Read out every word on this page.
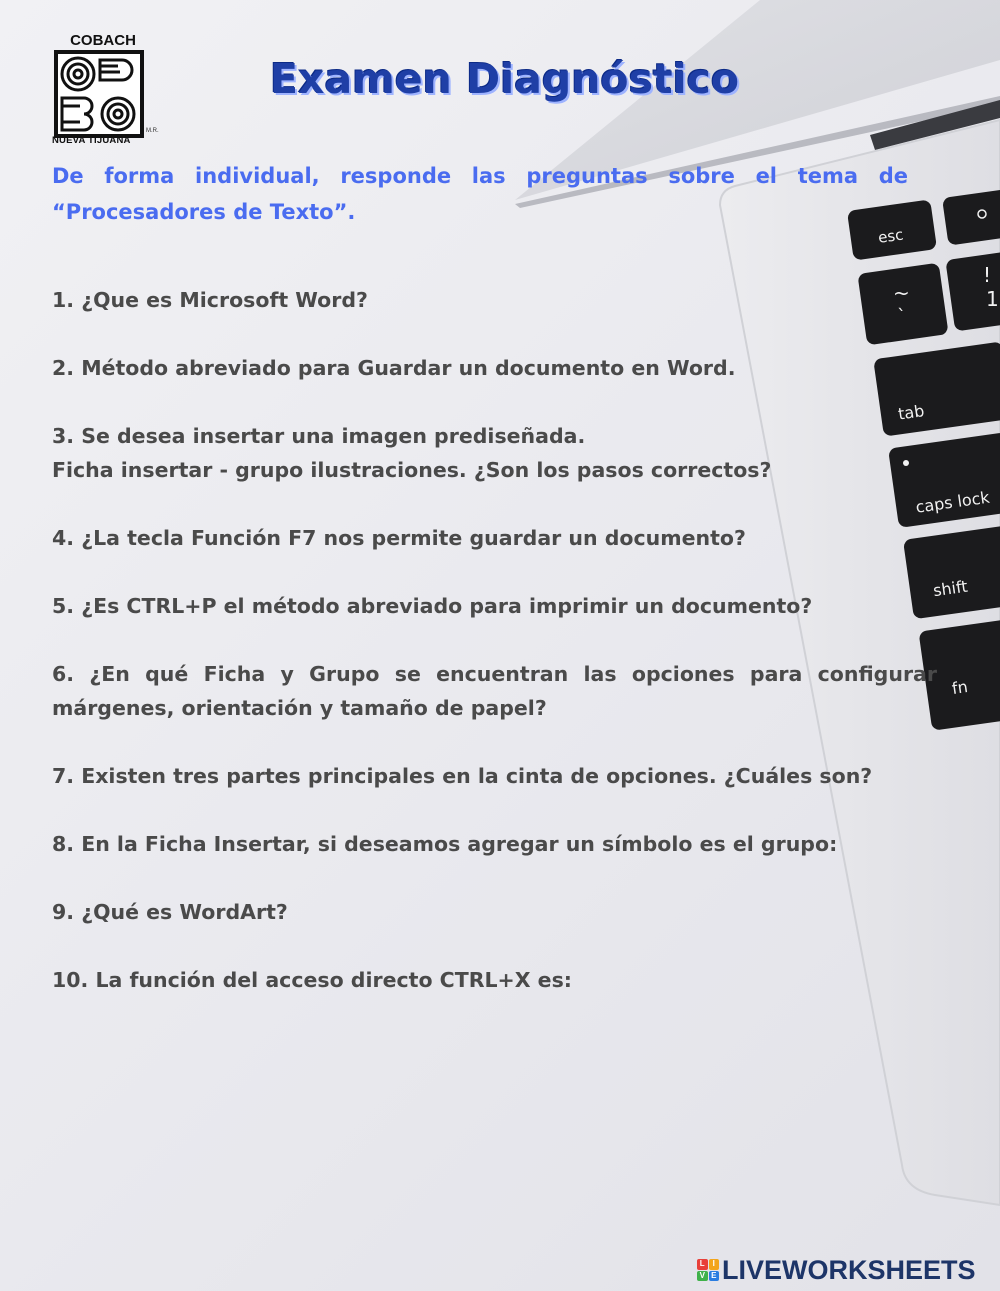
esc
~
`
!
1
tab
caps lock
shift
fn
COBACH
NUEVA TIJUANA
M.R.
Examen Diagnóstico

De forma individual, responde las preguntas sobre el tema de “Procesadores de Texto”.

1. ¿Que es Microsoft Word?
2. Método abreviado para Guardar un documento en Word.
3. Se desea insertar una imagen prediseñada.
Ficha insertar - grupo ilustraciones. ¿Son los pasos correctos?
4. ¿La tecla Función F7 nos permite guardar un documento?
5. ¿Es CTRL+P el método abreviado para imprimir un documento?
6. ¿En qué Ficha y Grupo se encuentran las opciones para configurar márgenes, orientación y tamaño de papel?
7. Existen tres partes principales en la cinta de opciones. ¿Cuáles son?
8. En la Ficha Insertar, si deseamos agregar un símbolo es el grupo:
9. ¿Qué es WordArt?
10. La función del acceso directo CTRL+X es:
L I
V E LIVEWORKSHEETS
